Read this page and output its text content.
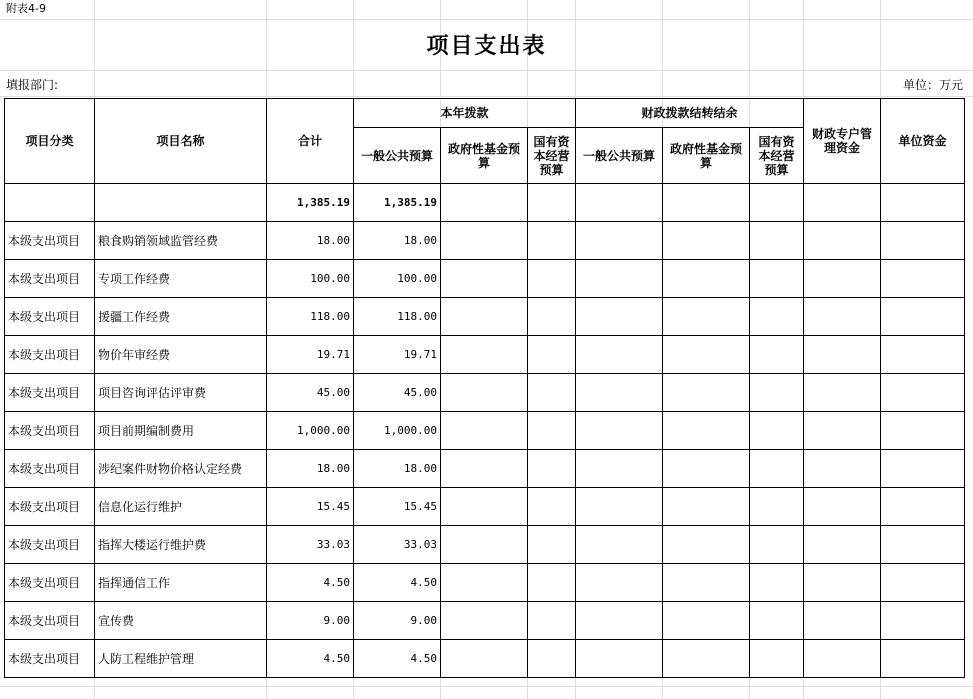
附表4-9
项目支出表
填报部门:	单位：万元
项目分类	项目名称	合计	本年拨款			财政拨款结转结余			财政专户管理资金	单位资金
			一般公共预算	政府性基金预算	国有资本经营预算	一般公共预算	政府性基金预算	国有资本经营预算		
		1,385.19	1,385.19							
本级支出项目	粮食购销领域监管经费	18.00	18.00							
本级支出项目	专项工作经费	100.00	100.00							
本级支出项目	援疆工作经费	118.00	118.00							
本级支出项目	物价年审经费	19.71	19.71							
本级支出项目	项目咨询评估评审费	45.00	45.00							
本级支出项目	项目前期编制费用	1,000.00	1,000.00							
本级支出项目	涉纪案件财物价格认定经费	18.00	18.00							
本级支出项目	信息化运行维护	15.45	15.45							
本级支出项目	指挥大楼运行维护费	33.03	33.03							
本级支出项目	指挥通信工作	4.50	4.50							
本级支出项目	宣传费	9.00	9.00							
本级支出项目	人防工程维护管理	4.50	4.50							
